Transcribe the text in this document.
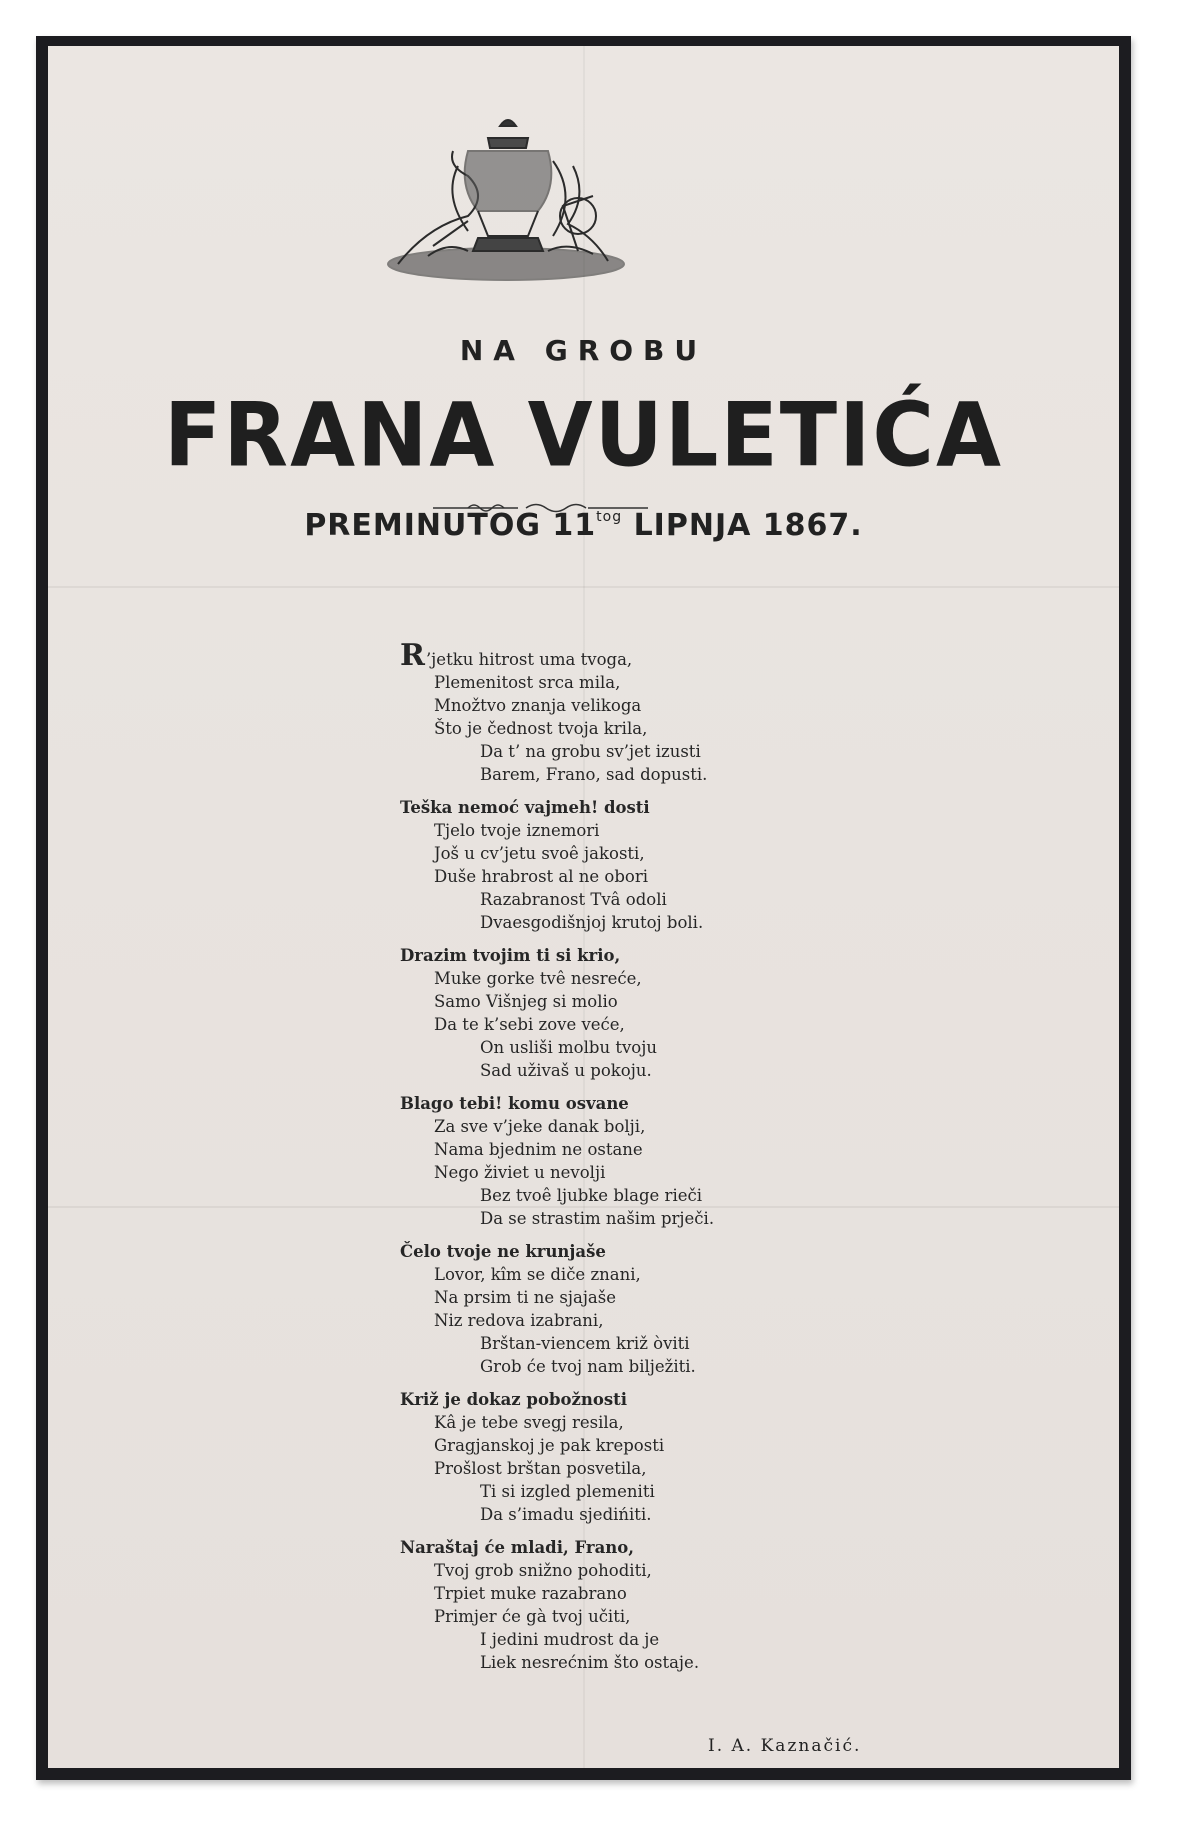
NA GROBU
FRANA VULETIĆA
PREMINUTOG $11^{tog}$ LIPNJA 1867.
R’jetku hitrost uma tvoga,
Plemenitost srca mila,
Množtvo znanja velikoga
Što je čednost tvoja krila,
Da t’ na grobu sv’jet izusti
Barem, Frano, sad dopusti.
Teška nemoć vajmeh! dosti
Tjelo tvoje iznemori
Još u cv’jetu svoê jakosti,
Duše hrabrost al ne obori
Razabranost Tvâ odoli
Dvaesgodišnjoj krutoj boli.
Drazim tvojim ti si krio,
Muke gorke tvê nesreće,
Samo Višnjeg si molio
Da te k’sebi zove veće,
On usliši molbu tvoju
Sad uživaš u pokoju.
Blago tebi! komu osvane
Za sve v’jeke danak bolji,
Nama bjednim ne ostane
Nego živiet u nevolji
Bez tvoê ljubke blage rieči
Da se strastim našim prječi.
Čelo tvoje ne krunjaše
Lovor, kîm se diče znani,
Na prsim ti ne sjajaše
Niz redova izabrani,
Brštan-viencem križ òviti
Grob će tvoj nam bilježiti.
Križ je dokaz pobožnosti
Kâ je tebe svegj resila,
Gragjanskoj je pak kreposti
Prošlost brštan posvetila,
Ti si izgled plemeniti
Da s’imadu sjedińiti.
Naraštaj će mladi, Frano,
Tvoj grob snižno pohoditi,
Trpiet muke razabrano
Primjer će gà tvoj učiti,
I jedini mudrost da je
Liek nesrećnim što ostaje.
I. A. Kaznačić.
